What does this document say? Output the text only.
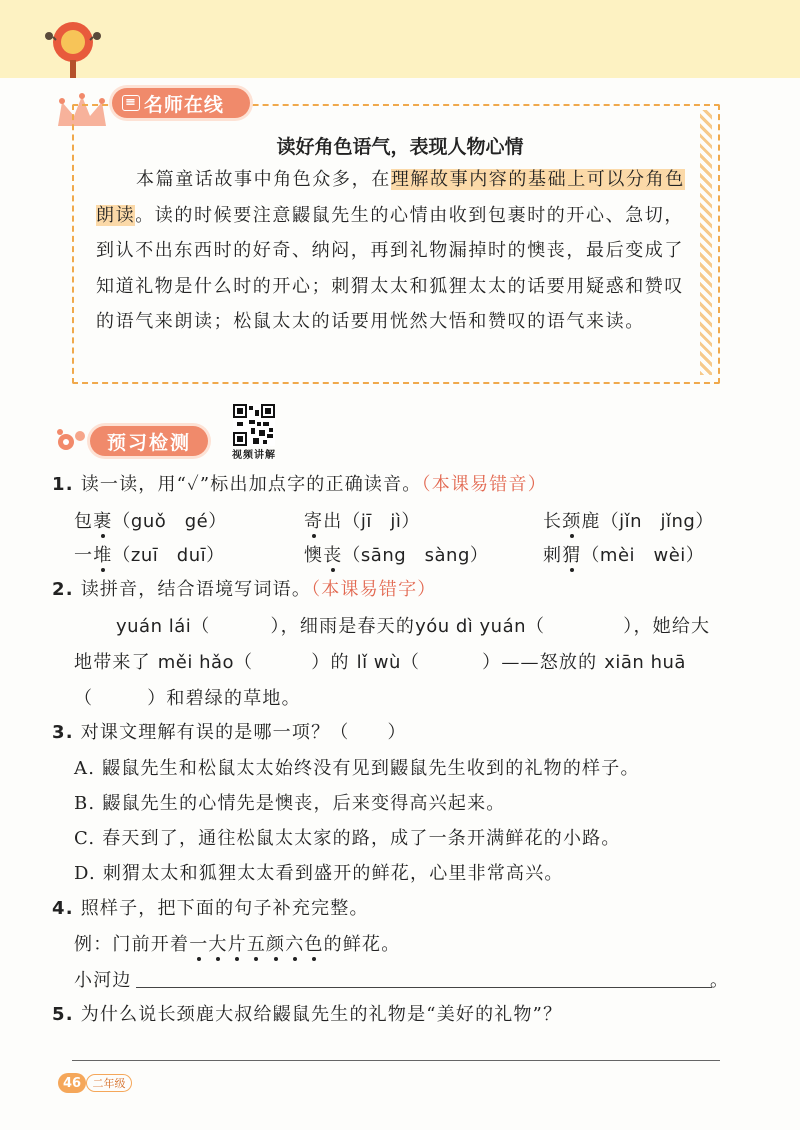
≡ 名师在线
读好角色语气，表现人物心情

本篇童话故事中角色众多，在理解故事内容的基础上可以分角色朗读。读的时候要注意鼹鼠先生的心情由收到包裹时的开心、急切，到认不出东西时的好奇、纳闷，再到礼物漏掉时的懊丧，最后变成了知道礼物是什么时的开心；刺猬太太和狐狸太太的话要用疑惑和赞叹的语气来朗读；松鼠太太的话要用恍然大悟和赞叹的语气来读。

预习检测
视频讲解
1. 读一读，用“✓”标出加点字的正确读音。（本课易错音）
包裹（guǒ　gé）	寄出（jī　jì）	长颈鹿（jǐn　jǐng）
一堆（zuī　duī）	懊丧（sāng　sàng）	刺猬（mèi　wèi）
2. 读拼音，结合语境写词语。（本课易错字）
yuán lái（	），细雨是春天的yóu dì yuán（	），她给大
地带来了 měi hǎo（	）的 lǐ wù（	）——怒放的 xiān huā
（	）和碧绿的草地。
3. 对课文理解有误的是哪一项？（ ）
A. 鼹鼠先生和松鼠太太始终没有见到鼹鼠先生收到的礼物的样子。
B. 鼹鼠先生的心情先是懊丧，后来变得高兴起来。
C. 春天到了，通往松鼠太太家的路，成了一条开满鲜花的小路。
D. 刺猬太太和狐狸太太看到盛开的鲜花，心里非常高兴。
4. 照样子，把下面的句子补充完整。
例：门前开着一大片五颜六色的鲜花。
小河边	。
5. 为什么说长颈鹿大叔给鼹鼠先生的礼物是“美好的礼物”？
46	二年级
